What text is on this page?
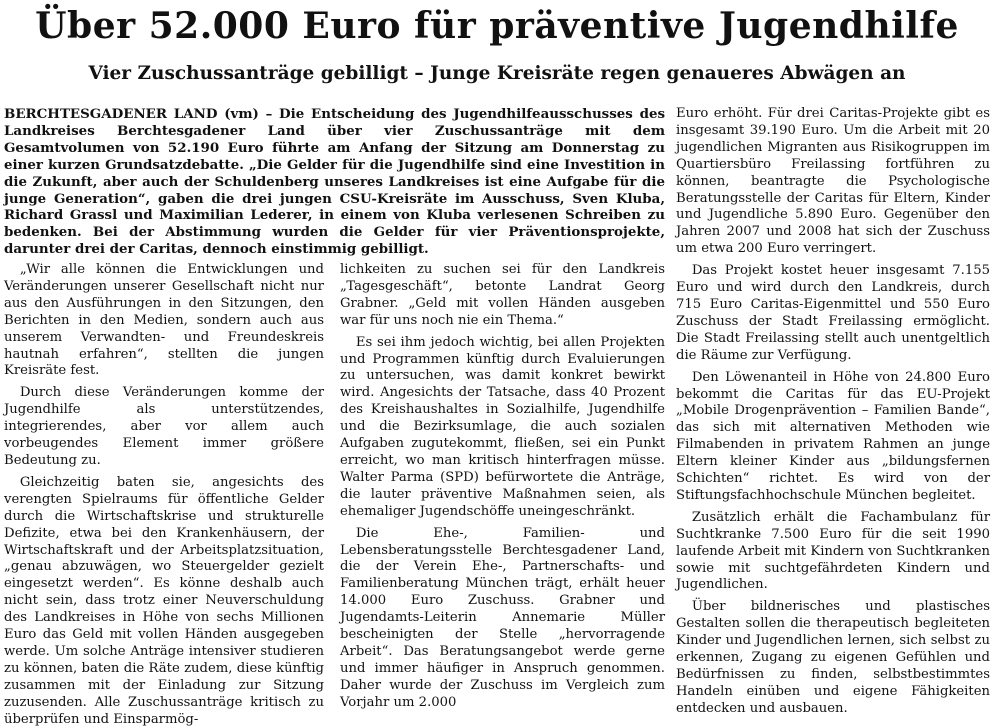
Über 52.000 Euro für präventive Jugendhilfe
Vier Zuschussanträge gebilligt – Junge Kreisräte regen genaueres Abwägen an
BERCHTESGADENER LAND (vm) – Die Entscheidung des Jugendhilfeausschusses des Landkreises Berchtesgadener Land über vier Zuschussanträge mit dem Gesamtvolumen von 52.190 Euro führte am Anfang der Sitzung am Donnerstag zu einer kurzen Grundsatzdebatte. „Die Gelder für die Jugendhilfe sind eine Investition in die Zukunft, aber auch der Schuldenberg unseres Landkreises ist eine Aufgabe für die junge Generation“, gaben die drei jungen CSU-Kreisräte im Ausschuss, Sven Kluba, Richard Grassl und Maximilian Lederer, in einem von Kluba verlesenen Schreiben zu bedenken. Bei der Abstimmung wurden die Gelder für vier Präventionsprojekte, darunter drei der Caritas, dennoch einstimmig gebilligt.

„Wir alle können die Entwicklungen und Veränderungen unserer Gesellschaft nicht nur aus den Ausführungen in den Sitzungen, den Berichten in den Medien, sondern auch aus unserem Verwandten- und Freundeskreis hautnah erfahren“, stellten die jungen Kreisräte fest.

Durch diese Veränderungen komme der Jugendhilfe als unterstützendes, integrierendes, aber vor allem auch vorbeugendes Element immer größere Bedeutung zu.

Gleichzeitig baten sie, angesichts des verengten Spielraums für öffentliche Gelder durch die Wirtschaftskrise und strukturelle Defizite, etwa bei den Krankenhäusern, der Wirtschaftskraft und der Arbeitsplatzsituation, „genau abzuwägen, wo Steuergelder gezielt eingesetzt werden“. Es könne deshalb auch nicht sein, dass trotz einer Neuverschuldung des Landkreises in Höhe von sechs Millionen Euro das Geld mit vollen Händen ausgegeben werde. Um solche Anträge intensiver studieren zu können, baten die Räte zudem, diese künftig zusammen mit der Einladung zur Sitzung zuzusenden. Alle Zuschussanträge kritisch zu überprüfen und Einsparmög-

lichkeiten zu suchen sei für den Landkreis „Tagesgeschäft“, betonte Landrat Georg Grabner. „Geld mit vollen Händen ausgeben war für uns noch nie ein Thema.“

Es sei ihm jedoch wichtig, bei allen Projekten und Programmen künftig durch Evaluierungen zu untersuchen, was damit konkret bewirkt wird. Angesichts der Tatsache, dass 40 Prozent des Kreishaushaltes in Sozialhilfe, Jugendhilfe und die Bezirksumlage, die auch sozialen Aufgaben zugutekommt, fließen, sei ein Punkt erreicht, wo man kritisch hinterfragen müsse. Walter Parma (SPD) befürwortete die Anträge, die lauter präventive Maßnahmen seien, als ehemaliger Jugendschöffe uneingeschränkt.

Die Ehe-, Familien- und Lebensberatungsstelle Berchtesgadener Land, die der Verein Ehe-, Partnerschafts- und Familienberatung München trägt, erhält heuer 14.000 Euro Zuschuss. Grabner und Jugendamts-Leiterin Annemarie Müller bescheinigten der Stelle „hervorragende Arbeit“. Das Beratungsangebot werde gerne und immer häufiger in Anspruch genommen. Daher wurde der Zuschuss im Vergleich zum Vorjahr um 2.000

Euro erhöht. Für drei Caritas-Projekte gibt es insgesamt 39.190 Euro. Um die Arbeit mit 20 jugendlichen Migranten aus Risikogruppen im Quartiersbüro Freilassing fortführen zu können, beantragte die Psychologische Beratungsstelle der Caritas für Eltern, Kinder und Jugendliche 5.890 Euro. Gegenüber den Jahren 2007 und 2008 hat sich der Zuschuss um etwa 200 Euro verringert.

Das Projekt kostet heuer insgesamt 7.155 Euro und wird durch den Landkreis, durch 715 Euro Caritas-Eigenmittel und 550 Euro Zuschuss der Stadt Freilassing ermöglicht. Die Stadt Freilassing stellt auch unentgeltlich die Räume zur Verfügung.

Den Löwenanteil in Höhe von 24.800 Euro bekommt die Caritas für das EU-Projekt „Mobile Drogenprävention – Familien Bande“, das sich mit alternativen Methoden wie Filmabenden in privatem Rahmen an junge Eltern kleiner Kinder aus „bildungsfernen Schichten“ richtet. Es wird von der Stiftungsfachhochschule München begleitet.

Zusätzlich erhält die Fachambulanz für Suchtkranke 7.500 Euro für die seit 1990 laufende Arbeit mit Kindern von Suchtkranken sowie mit suchtgefährdeten Kindern und Jugendlichen.

Über bildnerisches und plastisches Gestalten sollen die therapeutisch begleiteten Kinder und Jugendlichen lernen, sich selbst zu erkennen, Zugang zu eigenen Gefühlen und Bedürfnissen zu finden, selbstbestimmtes Handeln einüben und eigene Fähigkeiten entdecken und ausbauen.
